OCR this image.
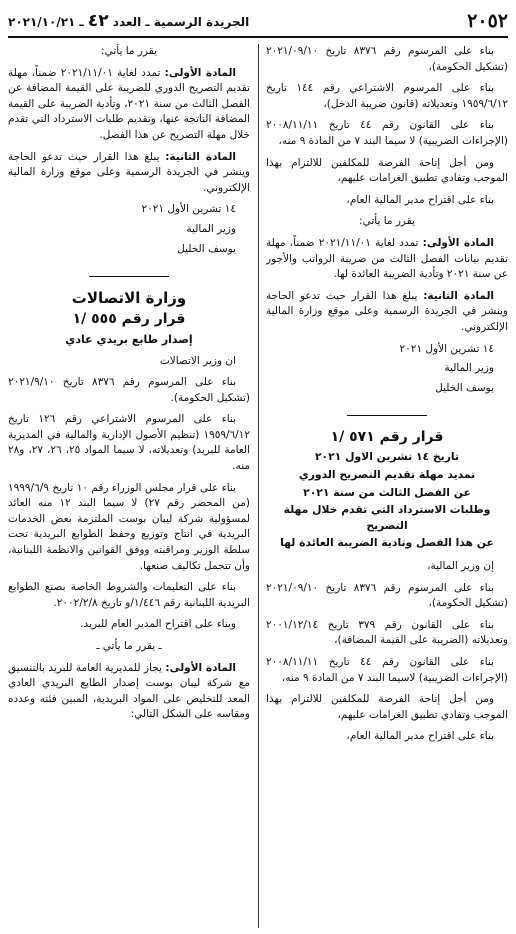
٢٠٥٢
الجريدة الرسمية ـ العدد ٤٢ ـ ٢٠٢١/١٠/٢١

بناء على المرسوم رقم ٨٣٧٦ تاريخ ٢٠٢١/٠٩/١٠ (تشكيل الحكومة)،

بناء على المرسوم الاشتراعي رقم ١٤٤ تاريخ ١٩٥٩/٦/١٢ وتعديلاته (قانون ضريبة الدخل)،

بناء على القانون رقم ٤٤ تاريخ ٢٠٠٨/١١/١١ (الإجراءات الضريبية) لا سيما البند ٧ من المادة ٩ منه،

ومن أجل إتاحة الفرصة للمكلفين للالتزام بهذا الموجب وتفادي تطبيق الغرامات عليهم،

بناء على اقتراح مدير المالية العام،

يقرر ما يأتي:

المادة الأولى: تمدد لغاية ٢٠٢١/١١/٠١ ضمناً، مهلة تقديم بيانات الفصل الثالث من ضريبة الرواتب والأجور عن سنة ٢٠٢١ وتأدية الضريبة العائدة لها.

المادة الثانية: يبلغ هذا القرار حيث تدعو الحاجة وينشر في الجريدة الرسمية وعلى موقع وزارة المالية الإلكتروني.

١٤ تشرين الأول ٢٠٢١

وزير المالية

يوسف الخليل

قرار رقم ٥٧١ /١

تاريخ ١٤ تشرين الاول ٢٠٢١

تمديد مهلة تقديم التصريح الدوري

عن الفصل الثالث من سنة ٢٠٢١

وطلبات الاسترداد التي تقدم خلال مهلة التصريح

عن هذا الفصل وتادية الضريبة العائدة لها

إن وزير المالية،

بناء على المرسوم رقم ٨٣٧٦ تاريخ ٢٠٢١/٠٩/١٠ (تشكيل الحكومة)،

بناء على القانون رقم ٣٧٩ تاريخ ٢٠٠١/١٢/١٤ وتعديلاته (الضريبة على القيمة المضافة)،

بناء على القانون رقم ٤٤ تاريخ ٢٠٠٨/١١/١١ (الإجراءات الضريبية) لاسيما البند ٧ من المادة ٩ منه،

ومن أجل إتاحة الفرصة للمكلفين للالتزام بهذا الموجب وتفادي تطبيق الغرامات عليهم،

بناء على اقتراح مدير المالية العام،

يقرر ما يأتي:

المادة الأولى: تمدد لغاية ٢٠٢١/١١/٠١ ضمناً، مهلة تقديم التصريح الدوري للضريبة على القيمة المضافة عن الفصل الثالث من سنة ٢٠٢١، وتأدية الضريبة على القيمة المضافة الناتجة عنها، وتقديم طلبات الاسترداد التي تقدم خلال مهلة التصريح عن هذا الفصل.

المادة الثانية: يبلغ هذا القرار حيث تدعو الحاجة وينشر في الجريدة الرسمية وعلى موقع وزارة المالية الإلكتروني.

١٤ تشرين الأول ٢٠٢١

وزير المالية

يوسف الخليل

وزارة الاتصالات
قرار رقم ٥٥٥ /١

إصدار طابع بريدي عادي

ان وزير الاتصالات

بناء على المرسوم رقم ٨٣٧٦ تاريخ ٢٠٢١/٩/١٠ (تشكيل الحكومة).

بناء على المرسوم الاشتراعي رقم ١٢٦ تاريخ ١٩٥٩/٦/١٢ (تنظيم الأصول الإدارية والمالية في المديرية العامة للبريد) وتعديلاته، لا سيما المواد ٢٥، ٢٦، ٢٧، و٢٨ منه.

بناء على قرار مجلس الوزراء رقم ١٠ تاريخ ١٩٩٩/٦/٩ (من المحضر رقم ٢٧) لا سيما البند ١٢ منه العائد لمسؤولية شركة ليبان بوست الملتزمة بعض الخدمات البريدية في انتاج وتوزيع وحفظ الطوابع البريدية تحت سلطة الوزير ومراقبته ووفق القوانين والانظمة اللبنانية، وأن تتحمل تكاليف صنعها.

بناء على التعليمات والشروط الخاصة بصنع الطوابع البريدية اللبنانية رقم ١/٤٤٦/و تاريخ ٢٠٠٢/٢/٨.

وبناء على اقتراح المدير العام للبريد.

ـ يقرر ما يأتي ـ

المادة الأولى: يجاز للمديرية العامة للبريد بالتنسيق مع شركة ليبان بوست إصدار الطابع البريدي العادي المعد للتخليص على المواد البريدية، المبين فئته وعدده ومقاسه على الشكل التالي:
